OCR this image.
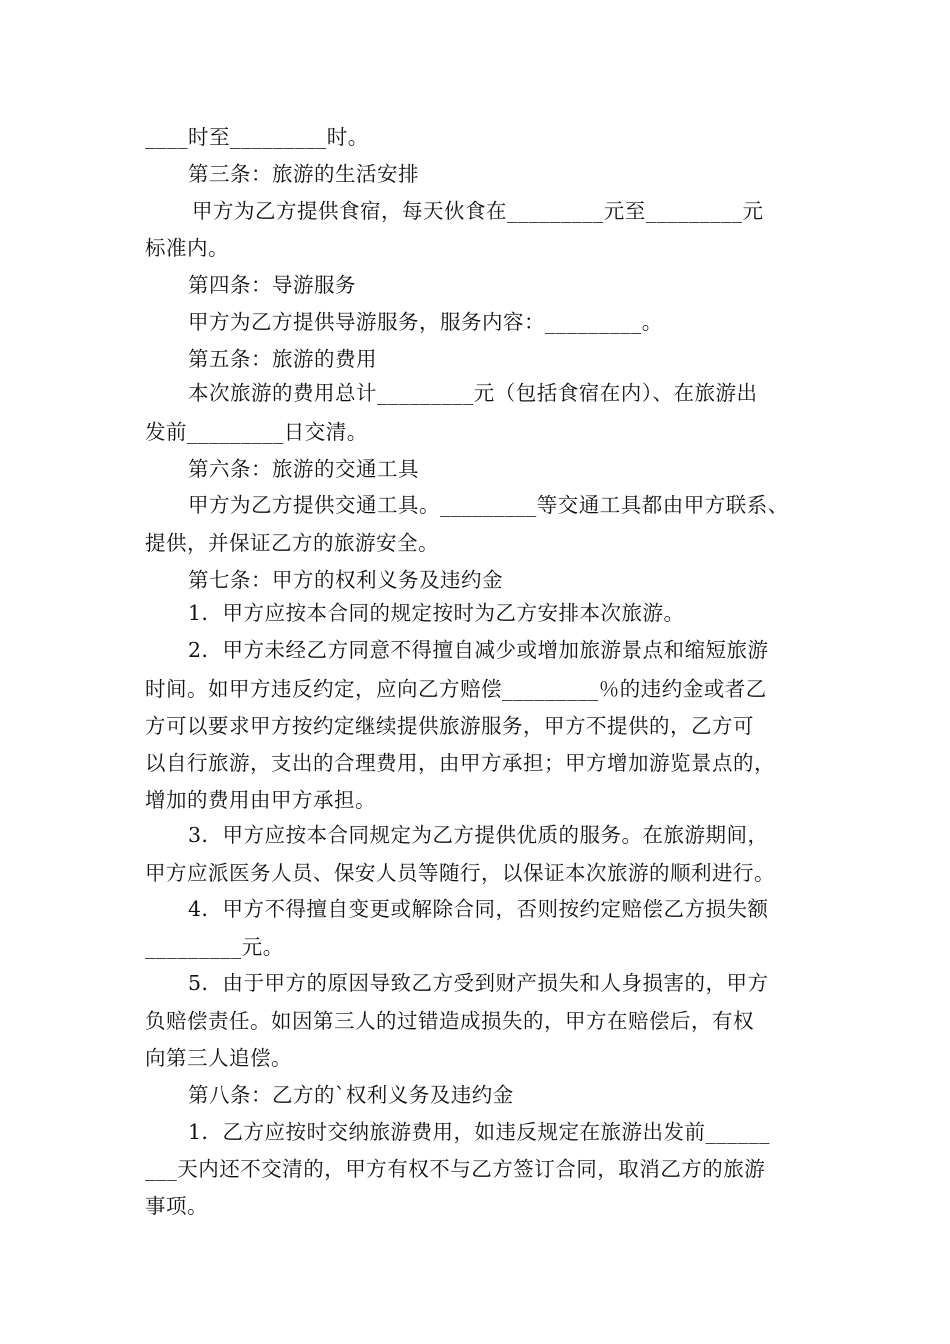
____时至_________时。
第三条：旅游的生活安排
甲方为乙方提供食宿，每天伙食在_________元至_________元
标准内。
第四条：导游服务
甲方为乙方提供导游服务，服务内容：_________。
第五条：旅游的费用
本次旅游的费用总计_________元（包括食宿在内）、在旅游出
发前_________日交清。
第六条：旅游的交通工具
甲方为乙方提供交通工具。_________等交通工具都由甲方联系、
提供，并保证乙方的旅游安全。
第七条：甲方的权利义务及违约金
1．甲方应按本合同的规定按时为乙方安排本次旅游。
2．甲方未经乙方同意不得擅自减少或增加旅游景点和缩短旅游
时间。如甲方违反约定，应向乙方赔偿_________％的违约金或者乙
方可以要求甲方按约定继续提供旅游服务，甲方不提供的，乙方可
以自行旅游，支出的合理费用，由甲方承担；甲方增加游览景点的，
增加的费用由甲方承担。
3．甲方应按本合同规定为乙方提供优质的服务。在旅游期间，
甲方应派医务人员、保安人员等随行，以保证本次旅游的顺利进行。
4．甲方不得擅自变更或解除合同，否则按约定赔偿乙方损失额
_________元。
5．由于甲方的原因导致乙方受到财产损失和人身损害的，甲方
负赔偿责任。如因第三人的过错造成损失的，甲方在赔偿后，有权
向第三人追偿。
第八条：乙方的`权利义务及违约金
1．乙方应按时交纳旅游费用，如违反规定在旅游出发前______
___天内还不交清的，甲方有权不与乙方签订合同，取消乙方的旅游
事项。
